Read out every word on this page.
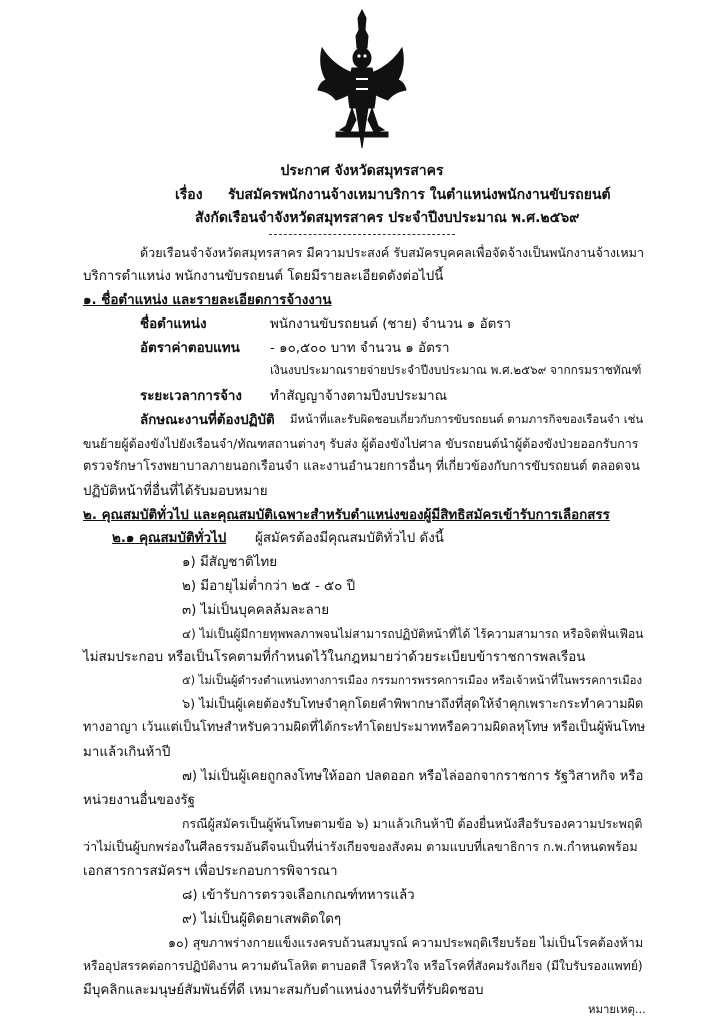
ประกาศ จังหวัดสมุทรสาคร
เรื่อง รับสมัครพนักงานจ้างเหมาบริการ ในตำแหน่งพนักงานขับรถยนต์
สังกัดเรือนจำจังหวัดสมุทรสาคร ประจำปีงบประมาณ พ.ศ.๒๕๖๙
ด้วยเรือนจำจังหวัดสมุทรสาคร มีความประสงค์ รับสมัครบุคคลเพื่อจัดจ้างเป็นพนักงานจ้างเหมา
บริการตำแหน่ง พนักงานขับรถยนต์ โดยมีรายละเอียดดังต่อไปนี้
๑. ชื่อตำแหน่ง และรายละเอียดการจ้างงาน
ชื่อตำแหน่ง	พนักงานขับรถยนต์ (ชาย) จำนวน ๑ อัตรา
อัตราค่าตอบแทน - ๑๐,๕๐๐ บาท จำนวน ๑ อัตรา
เงินงบประมาณรายจ่ายประจำปีงบประมาณ พ.ศ.๒๕๖๙ จากกรมราชทัณฑ์
ระยะเวลาการจ้าง ทำสัญญาจ้างตามปีงบประมาณ
ลักษณะงานที่ต้องปฏิบัติ มีหน้าที่และรับผิดชอบเกี่ยวกับการขับรถยนต์ ตามภารกิจของเรือนจำ เช่น
ขนย้ายผู้ต้องขังไปยังเรือนจำ/ทัณฑสถานต่างๆ รับส่ง ผู้ต้องขังไปศาล ขับรถยนต์นำผู้ต้องขังป่วยออกรับการ
ตรวจรักษาโรงพยาบาลภายนอกเรือนจำ และงานอำนวยการอื่นๆ ที่เกี่ยวข้องกับการขับรถยนต์ ตลอดจน
ปฏิบัติหน้าที่อื่นที่ได้รับมอบหมาย
๒. คุณสมบัติทั่วไป และคุณสมบัติเฉพาะสำหรับตำแหน่งของผู้มีสิทธิสมัครเข้ารับการเลือกสรร
๒.๑ คุณสมบัติทั่วไป ผู้สมัครต้องมีคุณสมบัติทั่วไป ดังนี้
๑) มีสัญชาติไทย
๒) มีอายุไม่ต่ำกว่า ๒๕ - ๕๐ ปี
๓) ไม่เป็นบุคคลล้มละลาย
๔) ไม่เป็นผู้มีกายทุพพลภาพจนไม่สามารถปฏิบัติหน้าที่ได้ ไร้ความสามารถ หรือจิตฟั่นเฟือน
ไม่สมประกอบ หรือเป็นโรคตามที่กำหนดไว้ในกฎหมายว่าด้วยระเบียบข้าราชการพลเรือน
๕) ไม่เป็นผู้ดำรงตำแหน่งทางการเมือง กรรมการพรรคการเมือง หรือเจ้าหน้าที่ในพรรคการเมือง
๖) ไม่เป็นผู้เคยต้องรับโทษจำคุกโดยคำพิพากษาถึงที่สุดให้จำคุกเพราะกระทำความผิด
ทางอาญา เว้นแต่เป็นโทษสำหรับความผิดที่ได้กระทำโดยประมาทหรือความผิดลหุโทษ หรือเป็นผู้พ้นโทษ
มาแล้วเกินห้าปี
๗) ไม่เป็นผู้เคยถูกลงโทษให้ออก ปลดออก หรือไล่ออกจากราชการ รัฐวิสาหกิจ หรือ
หน่วยงานอื่นของรัฐ
กรณีผู้สมัครเป็นผู้พ้นโทษตามข้อ ๖) มาแล้วเกินห้าปี ต้องยื่นหนังสือรับรองความประพฤติ
ว่าไม่เป็นผู้บกพร่องในศีลธรรมอันดีจนเป็นที่น่ารังเกียจของสังคม ตามแบบที่เลขาธิการ ก.พ.กำหนดพร้อม
เอกสารการสมัครฯ เพื่อประกอบการพิจารณา
๘) เข้ารับการตรวจเลือกเกณฑ์ทหารแล้ว
๙) ไม่เป็นผู้ติดยาเสพติดใดๆ
๑๐) สุขภาพร่างกายแข็งแรงครบถ้วนสมบูรณ์ ความประพฤติเรียบร้อย ไม่เป็นโรคต้องห้าม
หรืออุปสรรคต่อการปฏิบัติงาน ความดันโลหิต ตาบอดสี โรคหัวใจ หรือโรคที่สังคมรังเกียจ (มีใบรับรองแพทย์)
มีบุคลิกและมนุษย์สัมพันธ์ที่ดี เหมาะสมกับตำแหน่งงานที่รับที่รับผิดชอบ
หมายเหตุ...
